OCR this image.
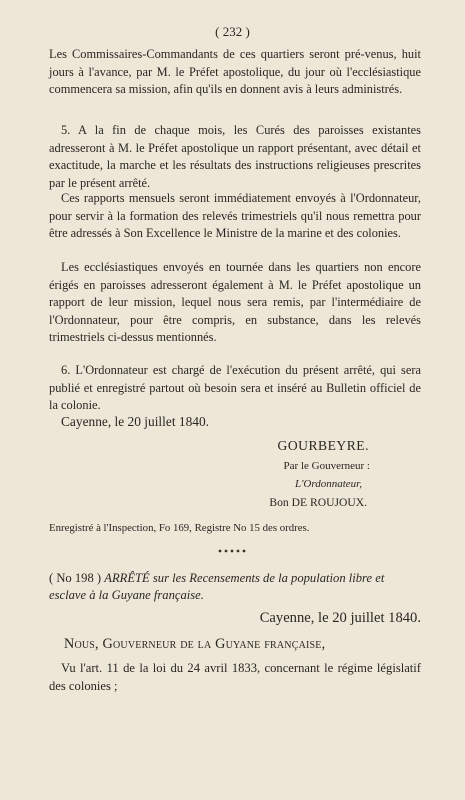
( 232 )

Les Commissaires-Commandants de ces quartiers seront pré-venus, huit jours à l'avance, par M. le Préfet apostolique, du jour où l'ecclésiastique commencera sa mission, afin qu'ils en donnent avis à leurs administrés.

5. A la fin de chaque mois, les Curés des paroisses existantes adresseront à M. le Préfet apostolique un rapport présentant, avec détail et exactitude, la marche et les résultats des instructions religieuses prescrites par le présent arrêté.

Ces rapports mensuels seront immédiatement envoyés à l'Ordonnateur, pour servir à la formation des relevés trimestriels qu'il nous remettra pour être adressés à Son Excellence le Ministre de la marine et des colonies.

Les ecclésiastiques envoyés en tournée dans les quartiers non encore érigés en paroisses adresseront également à M. le Préfet apostolique un rapport de leur mission, lequel nous sera remis, par l'intermédiaire de l'Ordonnateur, pour être compris, en substance, dans les relevés trimestriels ci-dessus mentionnés.

6. L'Ordonnateur est chargé de l'exécution du présent arrêté, qui sera publié et enregistré partout où besoin sera et inséré au Bulletin officiel de la colonie.

Cayenne, le 20 juillet 1840.
GOURBEYRE.
Par le Gouverneur :
L'Ordonnateur,
Bon DE ROUJOUX.
Enregistré à l'Inspection, Fo 169, Registre No 15 des ordres.
( No 198 ) ARRÊTÉ sur les Recensements de la population libre et esclave à la Guyane française.
Cayenne, le 20 juillet 1840.
Nous, Gouverneur de la Guyane française,

Vu l'art. 11 de la loi du 24 avril 1833, concernant le régime législatif des colonies ;
